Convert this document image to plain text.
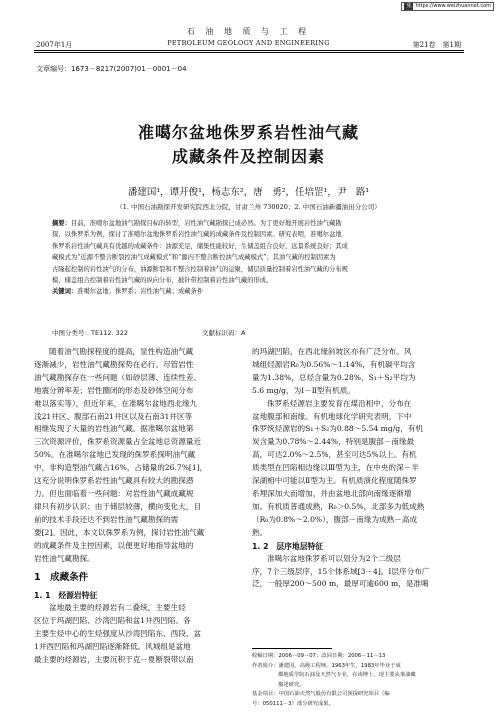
免 https://www.weizhuannet.com
石 油 地 质 与 工 程
PETROLEUM GEOLOGY AND ENGINEERING
2007年1月	第21卷　第1期
文章编号：1673－8217(2007)01－0001－04
准噶尔盆地侏罗系岩性油气藏
成藏条件及控制因素
潘建国¹，谭开俊¹，杨志东²，唐　勇²，任培罡¹，尹　路¹
（1. 中国石油勘探开发研究院西北分院，甘肃兰州 730020；2. 中国石油新疆油田分公司）
摘要：目前，准噶尔盆地油气勘探目标的转型，岩性油气藏勘探已成必然。为了更好地开展岩性油气藏勘
探，以侏罗系为例，探讨了准噶尔盆地侏罗系岩性油气藏的成藏条件及控制因素。研究表明，准噶尔盆地
侏罗系岩性油气藏具有优越的成藏条件：油源充足，储集性能较好，生储盖组合良好，远景系统良好；其成
藏模式为“近源不整合断裂控油气成藏模式”和“源内不整合断控油气成藏模式”；其油气藏的控制因素为
古隆起控制的岩性油气的分布，油源断裂和不整合控制着油气的运聚，储层质量控制着岩性油气藏的分布规
模，储盖组合控制着岩性油气藏的纵向分布，披针带控制着岩性油气藏的形成。
关键词：准噶尔盆地；侏罗系；岩性油气藏；成藏条件
中图分类号：TE112. 322	文献标识码：A
随着油气勘探程度的提高，显性构造油气藏
逐渐减少，岩性油气藏勘探势在必行。尽管岩性
油气藏勘探存在一些问题（如砂层薄、连续性差、
地震分辨率差；岩性圈闭的形态及砂体空间分布
难以落实等），但近年来，在准噶尔盆地西北缘九
浅21井区、腹部石南21井区以及石南31井区等
相继发现了大量的岩性油气藏。据准噶尔盆地第
三次资源评价，侏罗系资源量占全盆地总资源量近
50%。在准噶尔盆地已发现的侏罗系探明油气藏
中，非构造型油气藏占16%，占储量的26.7%[1]，
这充分说明侏罗系岩性油气藏具有较大的勘探潜
力。但也面临着一些问题：对岩性油气藏成藏规
律只有初步认识；由于储层较薄，横向变化大，目
前的技术手段还达不到岩性油气藏勘探的需
要[2]。因此，本文以侏罗系为例，探讨岩性油气藏
的成藏条件及主控因素，以便更好地指导盆地的
岩性油气藏勘探。
1　成藏条件
1. 1　烃源岩特征
盆地最主要的烃源岩有二叠统，主要生烃
区位于玛湖凹陷、沙湾凹陷和盆1井西凹陷。各
主要生烃中心的生烃强度从沙湾凹陷东、西段、盆
1井西凹陷和玛湖凹陷逐渐降低。风城组是盆地
最主要的烃源岩，主要沉积于克－夏断裂带以南
的玛湖凹陷，在西北缘斜坡区亦有广泛分布。风
城组烃源岩R₀为0.56%～1.14%，有机碳平均含
量为1.38%，总烃含量为0.28%，S₁＋S₂平均为
5.6 mg/g，为Ⅰ－Ⅱ型有机质。
侏罗系烃源岩主要发育在煤沿相中，分布在
盆地腹部和南缘。有机地球化学研究表明，下中
侏罗统烃源岩的S₁＋S₂为0.88～5.54 mg/g，有机
炭含量为0.78%～2.44%，特别是腹部－南缘最
高，可达2.0%～2.5%，甚至可达5%以上。有机
质类型在凹陷相边缘以Ⅲ型为主，在中央的深－半
深湖相中可能以Ⅱ型为主。有机质演化程度随侏罗
系埋深加大而增加，并由盆地北部向南缘逐渐增
加。有机质普通成熟，R₀＞0.5%，北部多为低成熟
（R₀为0.8%～2.0%），腹部－南缘为成熟－高成
熟。
1. 2　层序地层特征
准噶尔盆地侏罗系可以划分为2个二级层
序，7个三级层序，15个体系域[3－4]。Ⅰ层序分布广
泛，一般厚200～500 m，最厚可逾600 m，是准噶
收稿日期：2006－09－07；改回日期：2006－11－13
作者简介：潘建国，高级工程师，1963年生，1983年毕业于成
都地质学院石油及天然气专业，在读博士，现主要从事油藏
描述研究。
基金项目：中国石油天然气股份有限公司预探研究项目（编
号：050111－3）部分研究成果。
